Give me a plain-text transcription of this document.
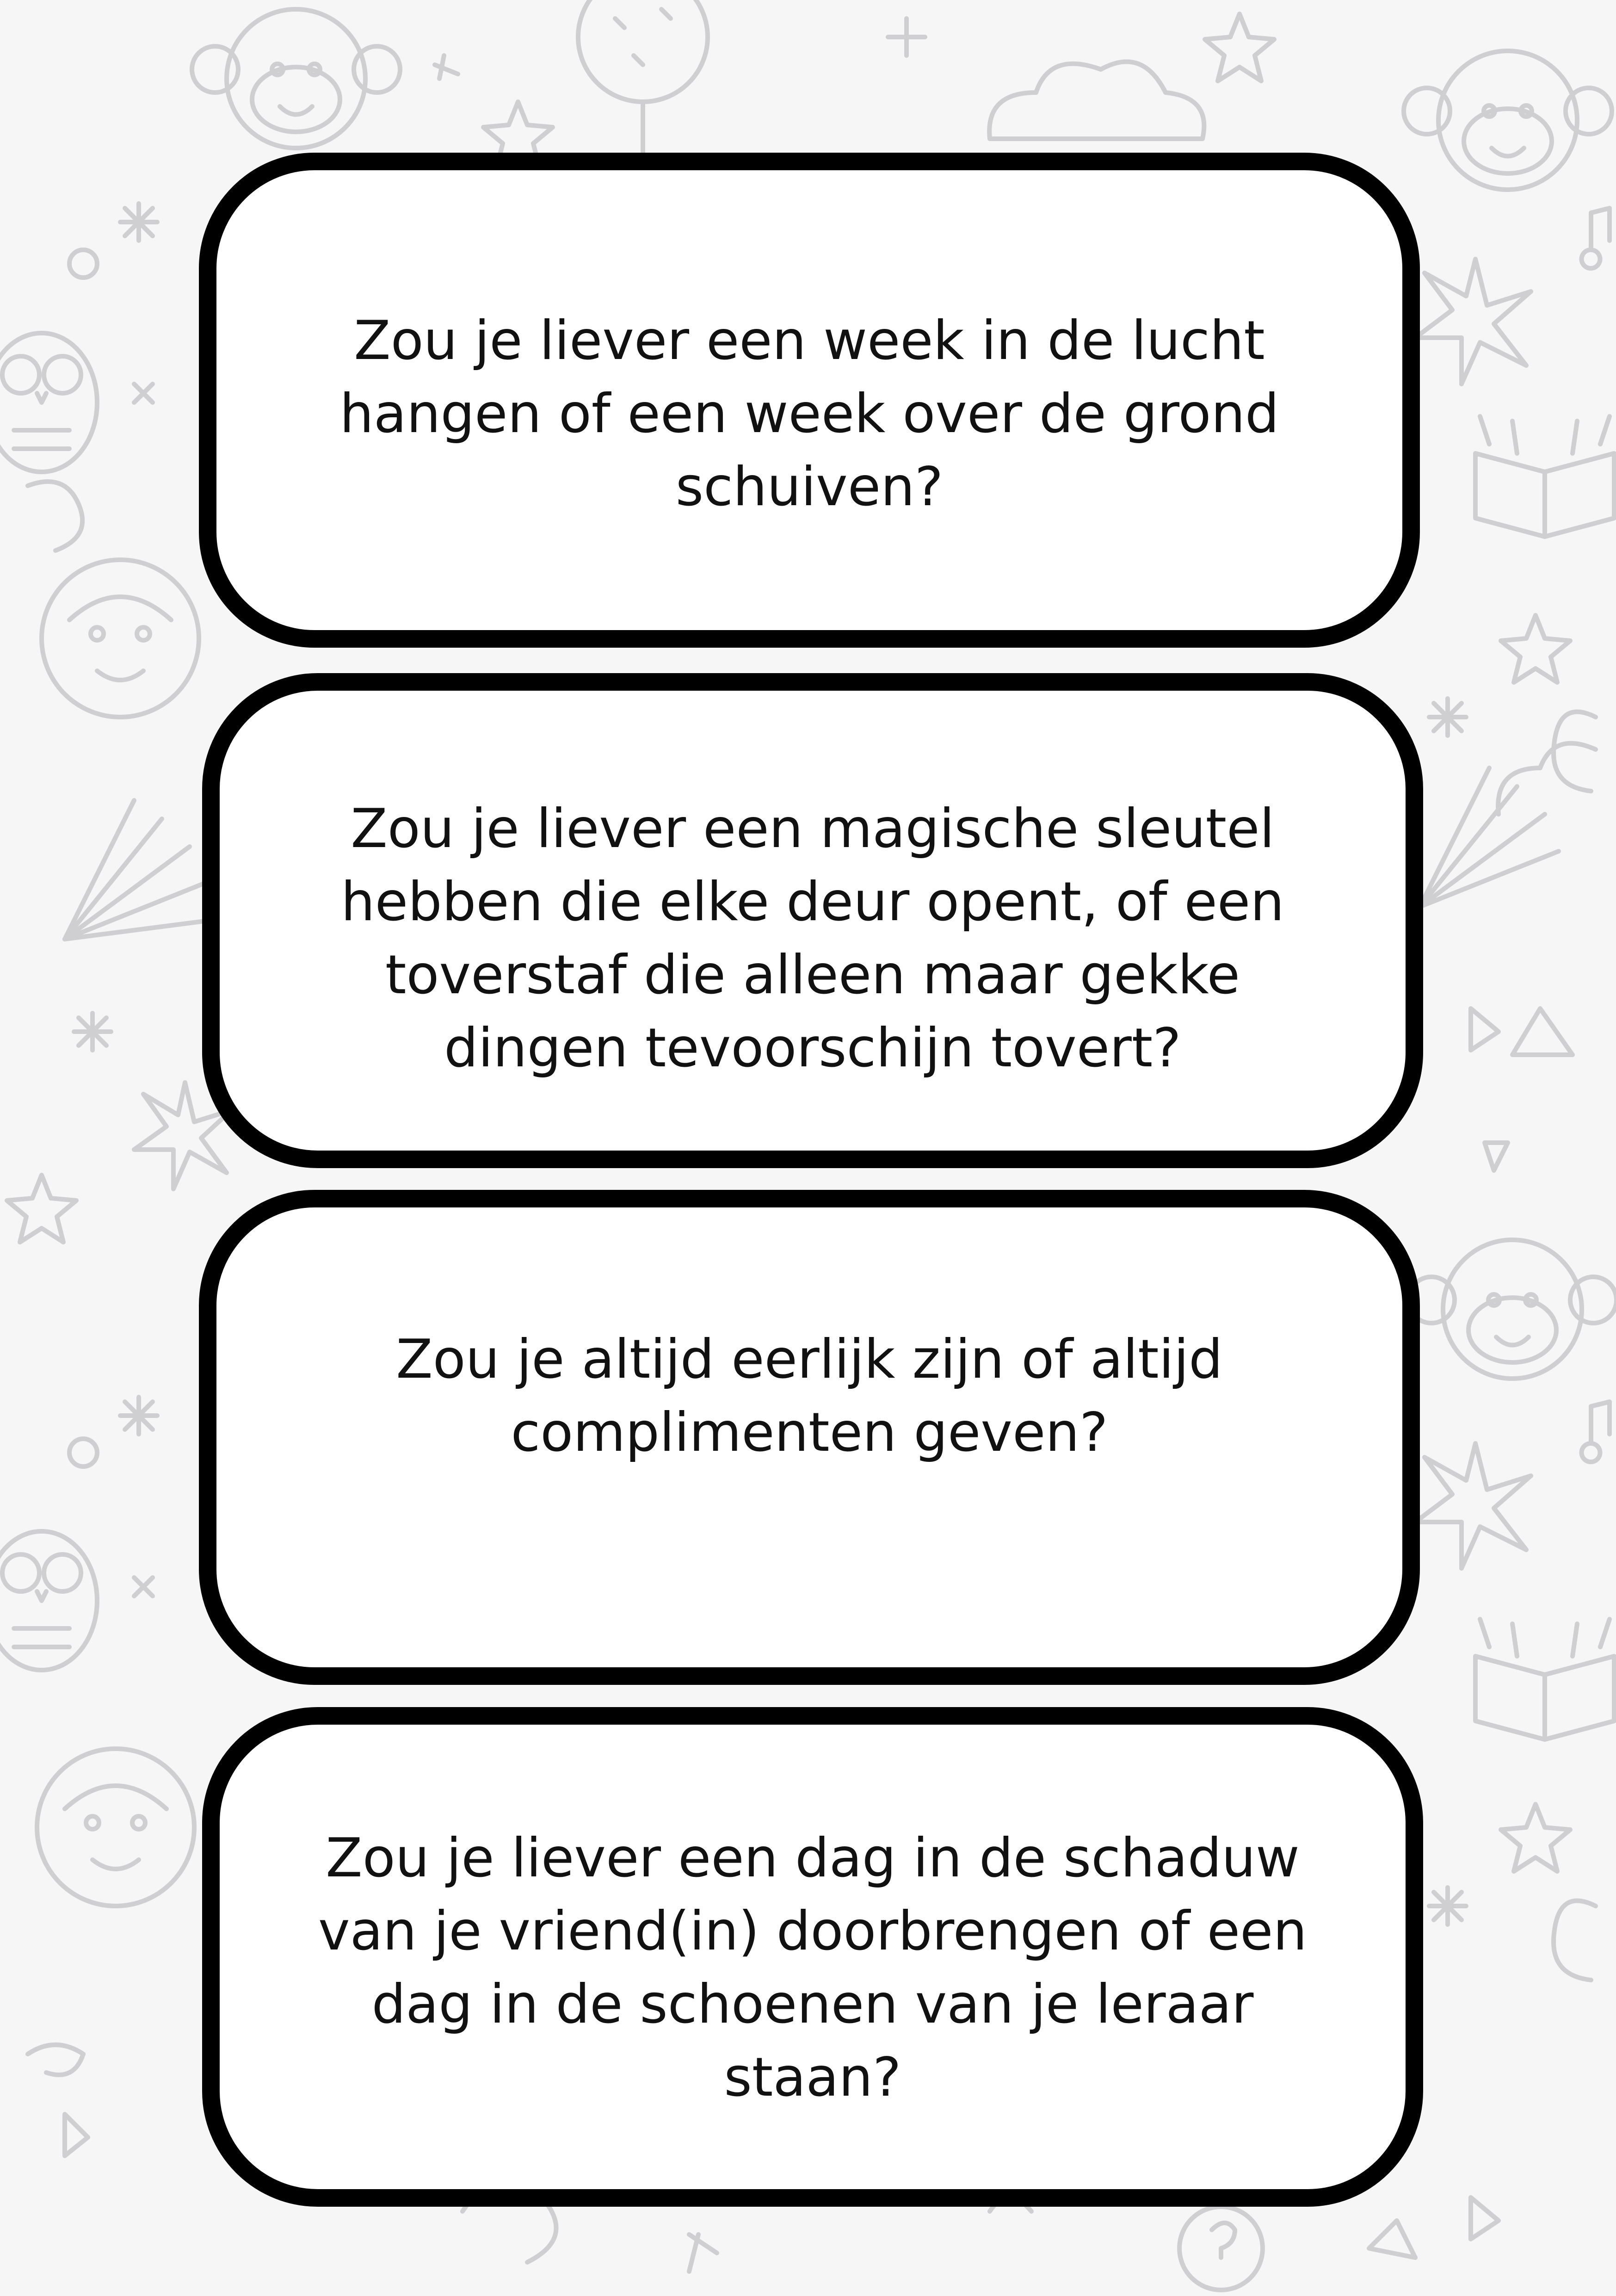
Zou je liever een week in de lucht hangen of een week over de grond schuiven?

Zou je liever een magische sleutel hebben die elke deur opent, of een toverstaf die alleen maar gekke dingen tevoorschijn tovert?

Zou je altijd eerlijk zijn of altijd complimenten geven?

Zou je liever een dag in de schaduw van je vriend(in) doorbrengen of een dag in de schoenen van je leraar staan?
